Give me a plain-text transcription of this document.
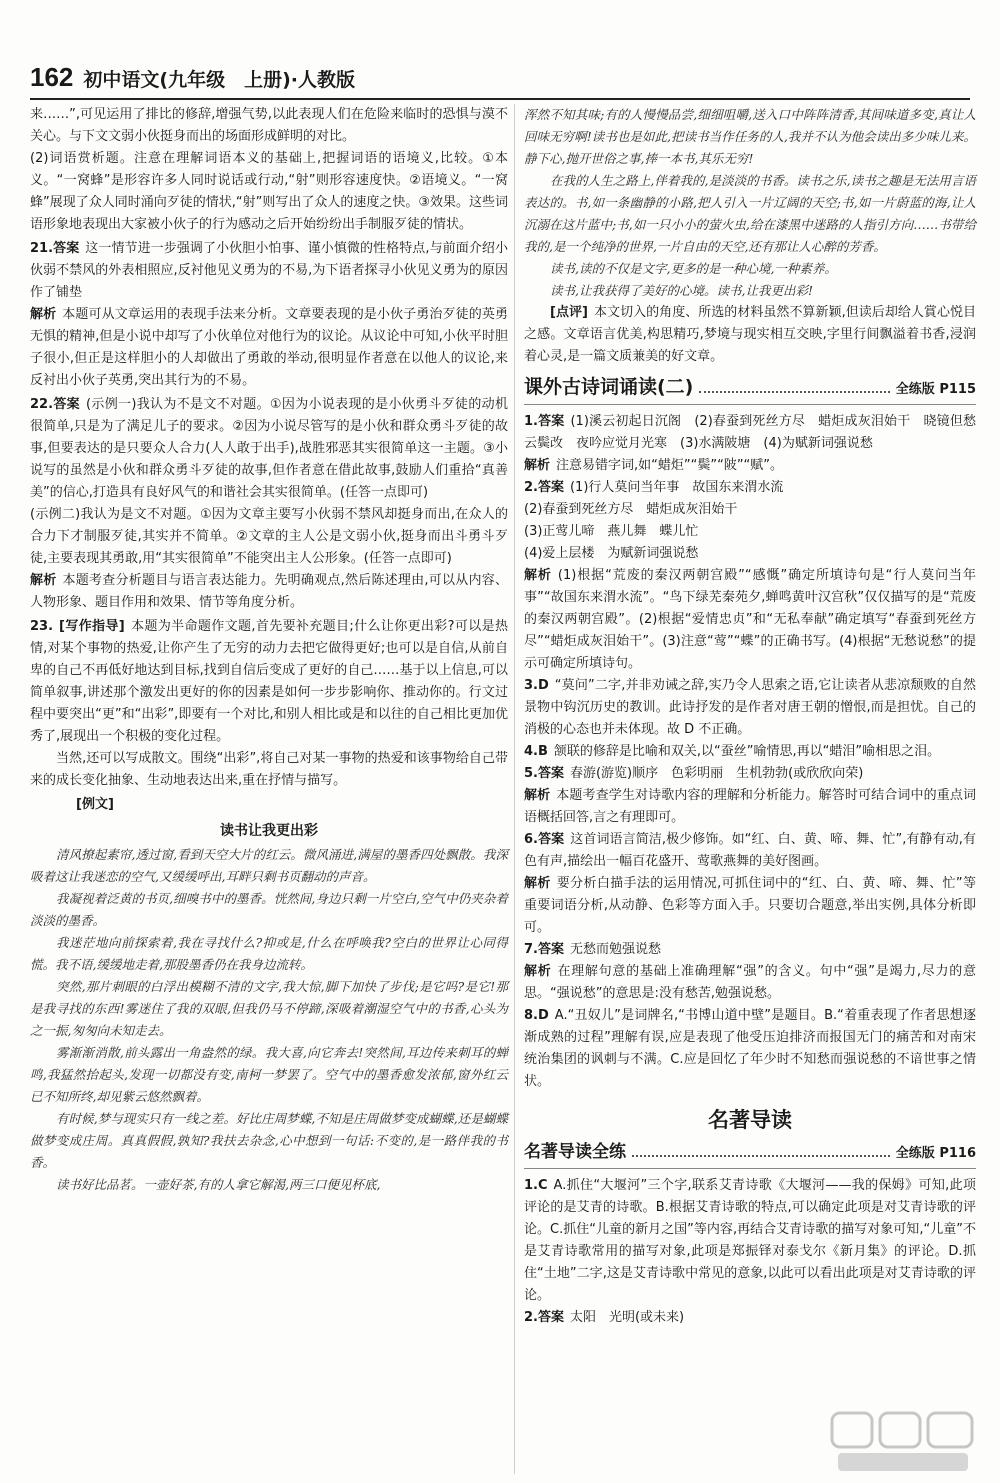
162 初中语文(九年级　上册)·人教版

来……”,可见运用了排比的修辞,增强气势,以此表现人们在危险来临时的恐惧与漠不关心。与下文文弱小伙挺身而出的场面形成鲜明的对比。

(2)词语赏析题。注意在理解词语本义的基础上,把握词语的语境义,比较。①本义。“一窝蜂”是形容许多人同时说话或行动,“射”则形容速度快。②语境义。“一窝蜂”展现了众人同时涌向歹徒的情状,“射”则写出了众人的速度之快。③效果。这些词语形象地表现出大家被小伙子的行为感动之后开始纷纷出手制服歹徒的情状。

21.答案 这一情节进一步强调了小伙胆小怕事、谨小慎微的性格特点,与前面介绍小伙弱不禁风的外表相照应,反衬他见义勇为的不易,为下语者探寻小伙见义勇为的原因作了铺垫

解析 本题可从文章运用的表现手法来分析。文章要表现的是小伙子勇治歹徒的英勇无惧的精神,但是小说中却写了小伙单位对他行为的议论。从议论中可知,小伙平时胆子很小,但正是这样胆小的人却做出了勇敢的举动,很明显作者意在以他人的议论,来反衬出小伙子英勇,突出其行为的不易。

22.答案 (示例一)我认为不是文不对题。①因为小说表现的是小伙勇斗歹徒的动机很简单,只是为了满足儿子的要求。②因为小说尽管写的是小伙和群众勇斗歹徒的故事,但要表达的是只要众人合力(人人敢于出手),战胜邪恶其实很简单这一主题。③小说写的虽然是小伙和群众勇斗歹徒的故事,但作者意在借此故事,鼓励人们重拾“真善美”的信心,打造具有良好风气的和谐社会其实很简单。(任答一点即可)

(示例二)我认为是文不对题。①因为文章主要写小伙弱不禁风却挺身而出,在众人的合力下才制服歹徒,其实并不简单。②文章的主人公是文弱小伙,挺身而出斗勇斗歹徒,主要表现其勇敢,用“其实很简单”不能突出主人公形象。(任答一点即可)

解析 本题考查分析题目与语言表达能力。先明确观点,然后陈述理由,可以从内容、人物形象、题目作用和效果、情节等角度分析。

23. [写作指导] 本题为半命题作文题,首先要补充题目;什么让你更出彩?可以是热情,对某个事物的热爱,让你产生了无穷的动力去把它做得更好;也可以是自信,从前自卑的自己不再低好地达到目标,找到自信后变成了更好的自己……基于以上信息,可以简单叙事,讲述那个激发出更好的你的因素是如何一步步影响你、推动你的。行文过程中要突出“更”和“出彩”,即要有一个对比,和别人相比或是和以往的自己相比更加优秀了,展现出一个积极的变化过程。

当然,还可以写成散文。围绕“出彩”,将自己对某一事物的热爱和该事物给自己带来的成长变化抽象、生动地表达出来,重在抒情与描写。

[例文]
读书让我更出彩

清风撩起素帘,透过窗,看到天空大片的红云。微风涌进,满屋的墨香四处飘散。我深吸着这让我迷恋的空气,又缓缓呼出,耳畔只剩书页翻动的声音。

我凝视着泛黄的书页,细嗅书中的墨香。恍然间,身边只剩一片空白,空气中仍夹杂着淡淡的墨香。

我迷茫地向前探索着,我在寻找什么?抑或是,什么在呼唤我?空白的世界让心同得慌。我不语,缓缓地走着,那股墨香仍在我身边流转。

突然,那片刺眼的白浮出模糊不清的文字,我大惊,脚下加快了步伐;是它吗?是它!那是我寻找的东西!雾迷住了我的双眼,但我仍马不停蹄,深吸着潮湿空气中的书香,心头为之一振,匆匆向未知走去。

雾渐渐消散,前头露出一角盎然的绿。我大喜,向它奔去!突然间,耳边传来刺耳的蝉鸣,我猛然抬起头,发现一切都没有变,南柯一梦罢了。空气中的墨香愈发浓郁,窗外红云已不知所终,却见紫云悠然飘着。

有时候,梦与现实只有一线之差。好比庄周梦蝶,不知是庄周做梦变成蝴蝶,还是蝴蝶做梦变成庄周。真真假假,孰知?我扶去杂念,心中想到一句话:不变的,是一路伴我的书香。

读书好比品茗。一壶好茶,有的人拿它解渴,两三口便见杯底,

浑然不知其味;有的人慢慢品尝,细细咀嚼,送入口中阵阵清香,其间味道多变,真让人回味无穷啊!读书也是如此,把读书当作任务的人,我并不认为他会读出多少味儿来。静下心,抛开世俗之事,捧一本书,其乐无穷!

在我的人生之路上,伴着我的,是淡淡的书香。读书之乐,读书之趣是无法用言语表达的。书,如一条幽静的小路,把人引入一片辽阔的天空;书,如一片蔚蓝的海,让人沉溺在这片蓝中;书,如一只小小的萤火虫,给在漆黑中迷路的人指引方向……书带给我的,是一个纯净的世界,一片自由的天空,还有那让人心醉的芳香。

读书,读的不仅是文字,更多的是一种心境,一种素养。

读书,让我获得了美好的心境。读书,让我更出彩!

[点评] 本文切入的角度、所选的材料虽然不算新颖,但读后却给人賞心悦目之感。文章语言优美,构思精巧,梦境与现实相互交映,字里行间飘溢着书香,浸润着心灵,是一篇文质兼美的好文章。

课外古诗词诵读(二)	全练版 P115

1.答案 (1)溪云初起日沉阁　(2)春蚕到死丝方尽　蜡炬成灰泪始干　晓镜但愁云鬓改　夜吟应觉月光寒　(3)水满陂塘　(4)为赋新词强说愁

解析 注意易错字词,如“蜡炬”“鬓”“陂”“赋”。

2.答案 (1)行人莫问当年事　故国东来渭水流

(2)春蚕到死丝方尽　蜡炬成灰泪始干

(3)正莺儿啼　燕儿舞　蝶儿忙

(4)爱上层楼　为赋新词强说愁

解析 (1)根据“荒废的秦汉两朝宫殿”“感慨”确定所填诗句是“行人莫问当年事”“故国东来渭水流”。“鸟下绿芜秦苑夕,蝉鸣黄叶汉宫秋”仅仅描写的是“荒废的秦汉两朝宫殿”。(2)根据“爱情忠贞”和“无私奉献”确定填写“春蚕到死丝方尽”“蜡炬成灰泪始干”。(3)注意“莺”“蝶”的正确书写。(4)根据“无愁说愁”的提示可确定所填诗句。

3.D “莫问”二字,并非劝诫之辞,实乃令人思索之语,它让读者从悲凉颓败的自然景物中钩沉历史的教训。此诗抒发的是作者对唐王朝的憎恨,而是担忧。自己的消极的心态也并未体现。故 D 不正确。

4.B 颔联的修辞是比喻和双关,以“蚕丝”喻情思,再以“蜡泪”喻相思之泪。

5.答案 春游(游览)顺序　色彩明丽　生机勃勃(或欣欣向荣)

解析 本题考查学生对诗歌内容的理解和分析能力。解答时可结合词中的重点词语概括回答,言之有理即可。

6.答案 这首词语言简洁,极少修饰。如“红、白、黄、啼、舞、忙”,有静有动,有色有声,描绘出一幅百花盛开、莺歌燕舞的美好图画。

解析 要分析白描手法的运用情况,可抓住词中的“红、白、黄、啼、舞、忙”等重要词语分析,从动静、色彩等方面入手。只要切合题意,举出实例,具体分析即可。

7.答案 无愁而勉强说愁

解析 在理解句意的基础上准确理解“强”的含义。句中“强”是竭力,尽力的意思。“强说愁”的意思是:没有愁苦,勉强说愁。

8.D A.“丑奴儿”是词牌名,“书博山道中壁”是题目。B.“着重表现了作者思想逐渐成熟的过程”理解有误,应是表现了他受压迫排济而报国无门的痛苦和对南宋统治集团的讽刺与不满。C.应是回忆了年少时不知愁而强说愁的不谙世事之情状。

名著导读
名著导读全练	全练版 P116

1.C A.抓住“大堰河”三个字,联系艾青诗歌《大堰河——我的保姆》可知,此项评论的是艾青的诗歌。B.根据艾青诗歌的特点,可以确定此项是对艾青诗歌的评论。C.抓住“儿童的新月之国”等内容,再结合艾青诗歌的描写对象可知,“儿童”不是艾青诗歌常用的描写对象,此项是郑振铎对泰戈尔《新月集》的评论。D.抓住“土地”二字,这是艾青诗歌中常见的意象,以此可以看出此项是对艾青诗歌的评论。

2.答案 太阳　光明(或未来)
